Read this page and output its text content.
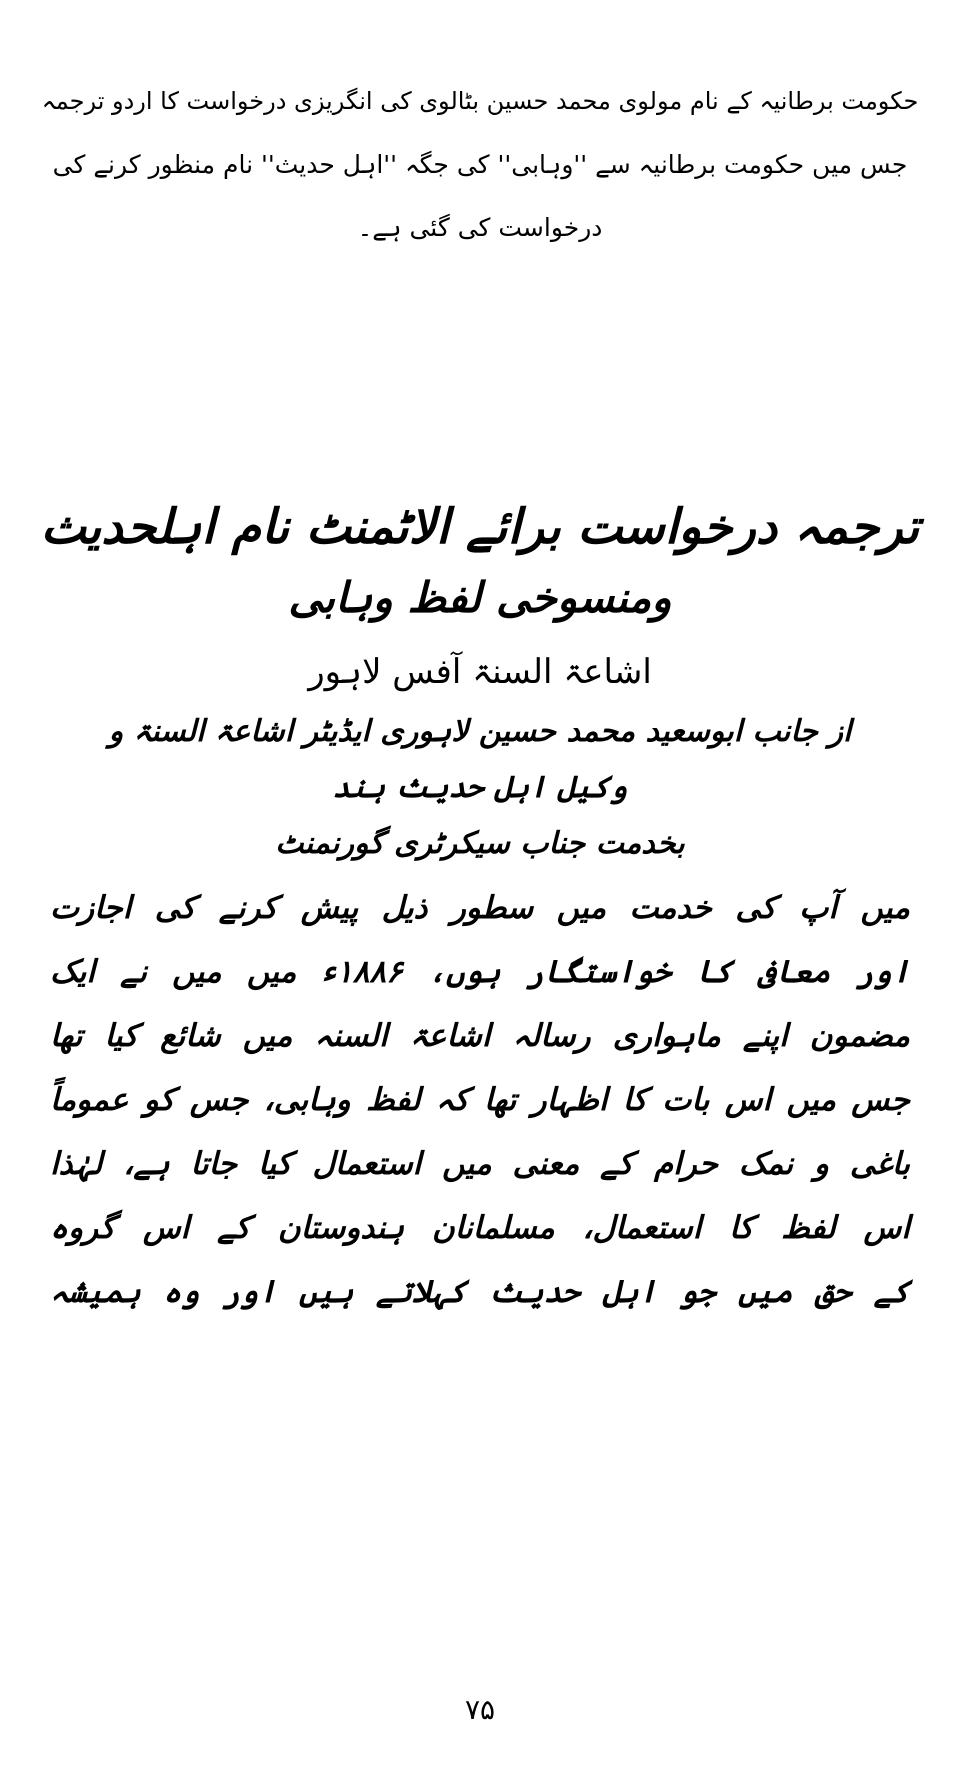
حکومت برطانیہ کے نام مولوی محمد حسین بٹالوی کی انگریزی درخواست کا اردو ترجمہ
جس میں حکومت برطانیہ سے ''وہابی'' کی جگہ ''اہل حدیث'' نام منظور کرنے کی
درخواست کی گئی ہے۔
ترجمہ درخواست برائے الاٹمنٹ نام اہلحدیث
ومنسوخی لفظ وہابی
اشاعۃ السنۃ آفس لاہور
از جانب ابوسعید محمد حسین لاہوری ایڈیٹر اشاعۃ السنۃ و
وکیل اہل حدیث ہند
بخدمت جناب سیکرٹری گورنمنٹ
میں آپ کی خدمت میں سطور ذیل پیش کرنے کی اجازت
اور معافی کا خواستگار ہوں، ۱۸۸۶ء میں میں نے ایک
مضمون اپنے ماہواری رسالہ اشاعۃ السنہ میں شائع کیا تھا
جس میں اس بات کا اظہار تھا کہ لفظ وہابی، جس کو عموماً
باغی و نمک حرام کے معنی میں استعمال کیا جاتا ہے، لہٰذا
اس لفظ کا استعمال، مسلمانان ہندوستان کے اس گروہ
کے حق میں جو اہل حدیث کہلاتے ہیں اور وہ ہمیشہ
۷۵
